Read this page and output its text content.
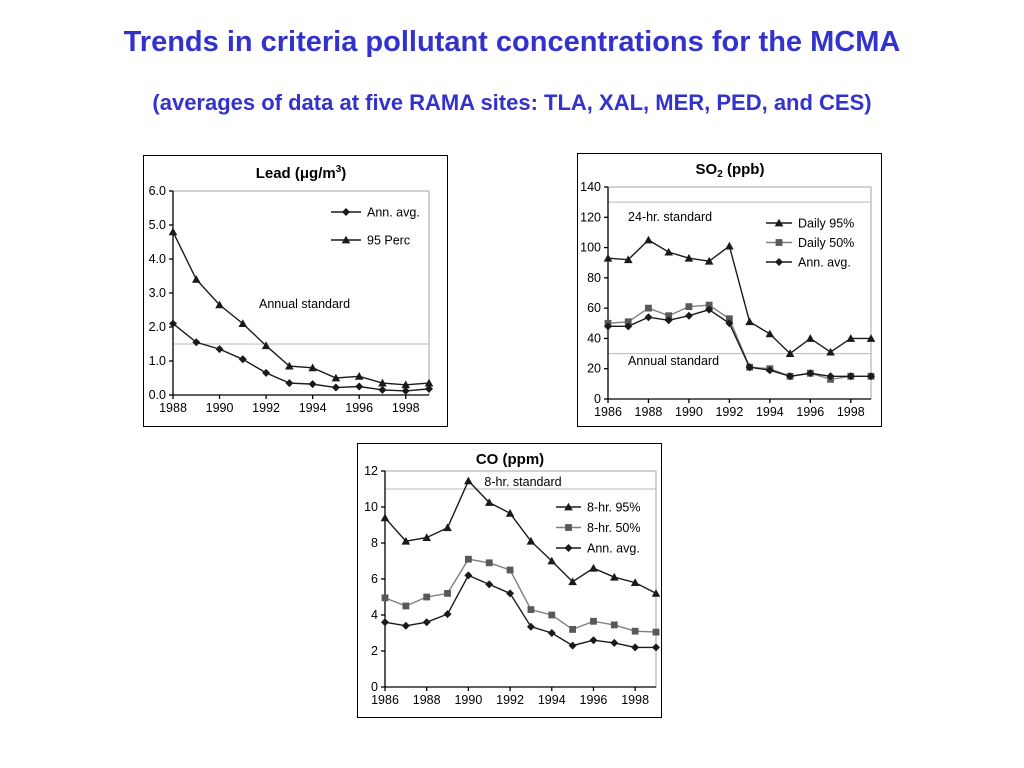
Trends in criteria pollutant concentrations for the MCMA
(averages of data at five RAMA sites: TLA, XAL, MER, PED, and CES)
Annual standard
0.0
1.0
2.0
3.0
4.0
5.0
6.0
1988 1990 1992 1994 1996 1998
Ann. avg.
95 Perc
Lead $(\mu g/m^3)$
24-hr. standard
Annual standard
0
20
40
60
80
100
120
140
1986 1988 1990 1992 1994 1996 1998
Daily 95%
Daily 50%
Ann. avg.
$SO_2$ (ppb)
8-hr. standard
0
2
4
6
8
10
12
1986 1988 1990 1992 1994 1996 1998
8-hr. 95%
8-hr. 50%
Ann. avg.
CO (ppm)
